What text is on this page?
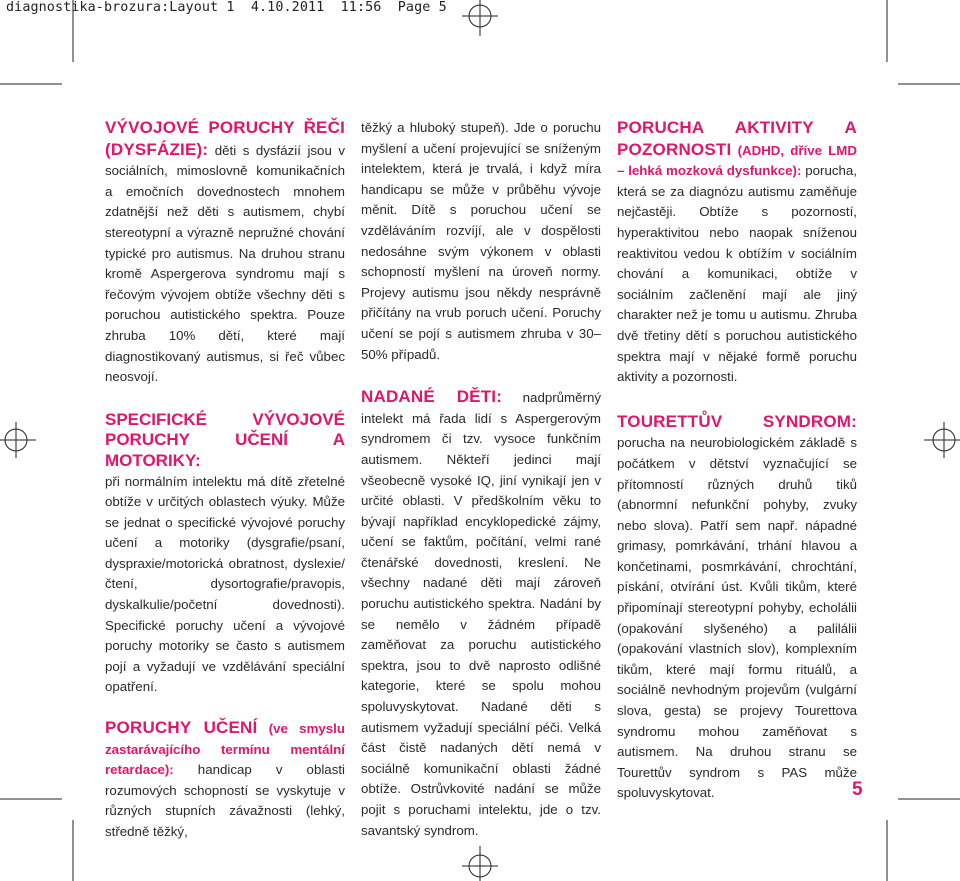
diagnostika-brozura:Layout 1  4.10.2011  11:56  Page 5

VÝVOJOVÉ PORUCHY ŘEČI (DYSFÁZIE): děti s dysfázií jsou v sociálních, mimoslovně komunikačních a emočních dovednostech mnohem zdatnější než děti s autismem, chybí stereotypní a výrazně nepružné chování typické pro autismus. Na druhou stranu kromě Aspergerova syndromu mají s řečovým vývojem obtíže všechny děti s poruchou autistického spektra. Pouze zhruba 10% dětí, které mají diagnostikovaný autismus, si řeč vůbec neosvojí.

SPECIFICKÉ VÝVOJOVÉ PORUCHY UČENÍ A MOTORIKY:
při normálním intelektu má dítě zřetelné obtíže v určitých oblastech výuky. Může se jednat o specifické vývojové poruchy učení a motoriky (dysgrafie/psaní, dyspraxie/motorická obratnost, dyslexie/čtení, dysortografie/pravopis, dyskalkulie/početní dovednosti). Specifické poruchy učení a vývojové poruchy motoriky se často s autismem pojí a vyžadují ve vzdělávání speciální opatření.

PORUCHY UČENÍ (ve smyslu zastarávajícího termínu mentální retardace): handicap v oblasti rozumových schopností se vyskytuje v různých stupních závažnosti (lehký, středně těžký,

těžký a hluboký stupeň). Jde o poruchu myšlení a učení projevující se sníženým intelektem, která je trvalá, i když míra handicapu se může v průběhu vývoje měnit. Dítě s poruchou učení se vzděláváním rozvíjí, ale v dospělosti nedosáhne svým výkonem v oblasti schopností myšlení na úroveň normy. Projevy autismu jsou někdy nesprávně přičítány na vrub poruch učení. Poruchy učení se pojí s autismem zhruba v 30–50% případů.

NADANÉ DĚTI: nadprůměrný intelekt má řada lidí s Aspergerovým syndromem či tzv. vysoce funkčním autismem. Někteří jedinci mají všeobecně vysoké IQ, jiní vynikají jen v určité oblasti. V předškolním věku to bývají například encyklopedické zájmy, učení se faktům, počítání, velmi rané čtenářské dovednosti, kreslení. Ne všechny nadané děti mají zároveň poruchu autistického spektra. Nadání by se nemělo v žádném případě zaměňovat za poruchu autistického spektra, jsou to dvě naprosto odlišné kategorie, které se spolu mohou spoluvyskytovat. Nadané děti s autismem vyžadují speciální péči. Velká část čistě nadaných dětí nemá v sociálně komunikační oblasti žádné obtíže. Ostrůvkovité nadání se může pojit s poruchami intelektu, jde o tzv. savantský syndrom.

PORUCHA AKTIVITY A POZORNOSTI (ADHD, dříve LMD – lehká mozková dysfunkce): porucha, která se za diagnózu autismu zaměňuje nejčastěji. Obtíže s pozorností, hyperaktivitou nebo naopak sníženou reaktivitou vedou k obtížím v sociálním chování a komunikaci, obtíže v sociálním začlenění mají ale jiný charakter než je tomu u autismu. Zhruba dvě třetiny dětí s poruchou autistického spektra mají v nějaké formě poruchu aktivity a pozornosti.

TOURETTŮV SYNDROM: porucha na neurobiologickém základě s počátkem v dětství vyznačující se přítomností různých druhů tiků (abnormní nefunkční pohyby, zvuky nebo slova). Patří sem např. nápadné grimasy, pomrkávání, trhání hlavou a končetinami, posmrkávání, chrochtání, pískání, otvírání úst. Kvůli tikům, které připomínají stereotypní pohyby, echolálii (opakování slyšeného) a palilálii (opakování vlastních slov), komplexním tikům, které mají formu rituálů, a sociálně nevhodným projevům (vulgární slova, gesta) se projevy Tourettova syndromu mohou zaměňovat s autismem. Na druhou stranu se Tourettův syndrom s PAS může spoluvyskytovat.	5
